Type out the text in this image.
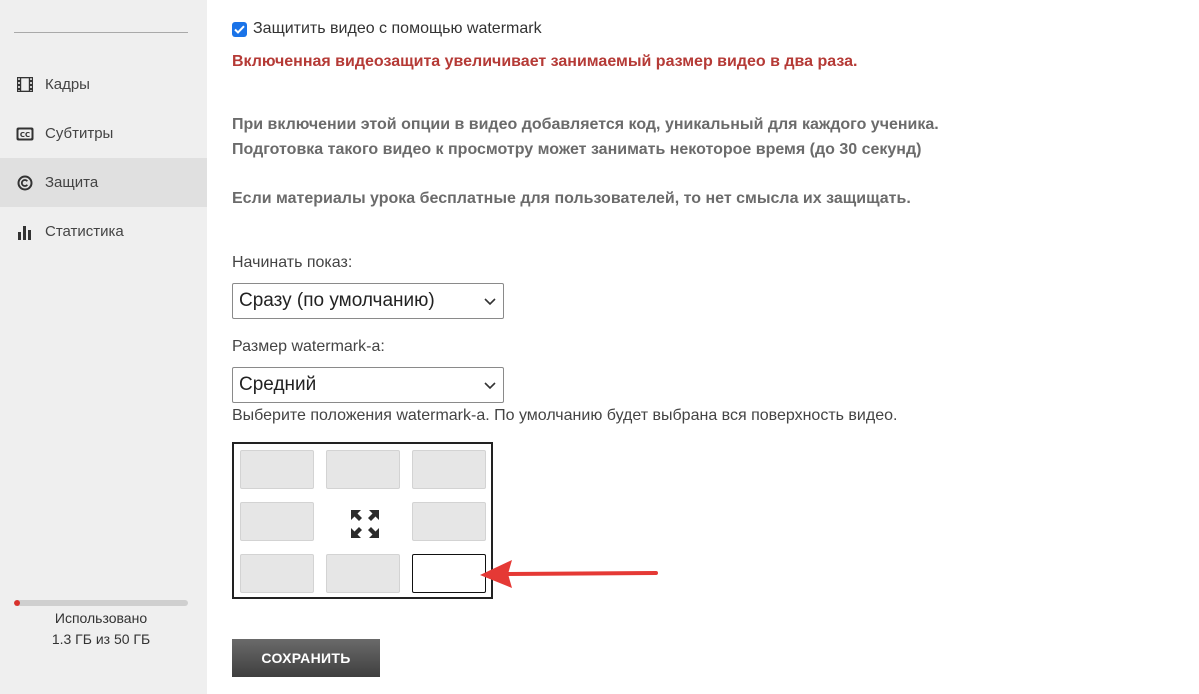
Кадры
CC Субтитры
Защита
Статистика
Использовано
1.3 ГБ из 50 ГБ
Защитить видео с помощью watermark
Включенная видеозащита увеличивает занимаемый размер видео в два раза.
При включении этой опции в видео добавляется код, уникальный для каждого ученика.
Подготовка такого видео к просмотру может занимать некоторое время (до 30 секунд)
Если материалы урока бесплатные для пользователей, то нет смысла их защищать.
Начинать показ:
Сразу (по умолчанию)
Размер watermark-а:
Средний
Выберите положения watermark-а. По умолчанию будет выбрана вся поверхность видео.
СОХРАНИТЬ
